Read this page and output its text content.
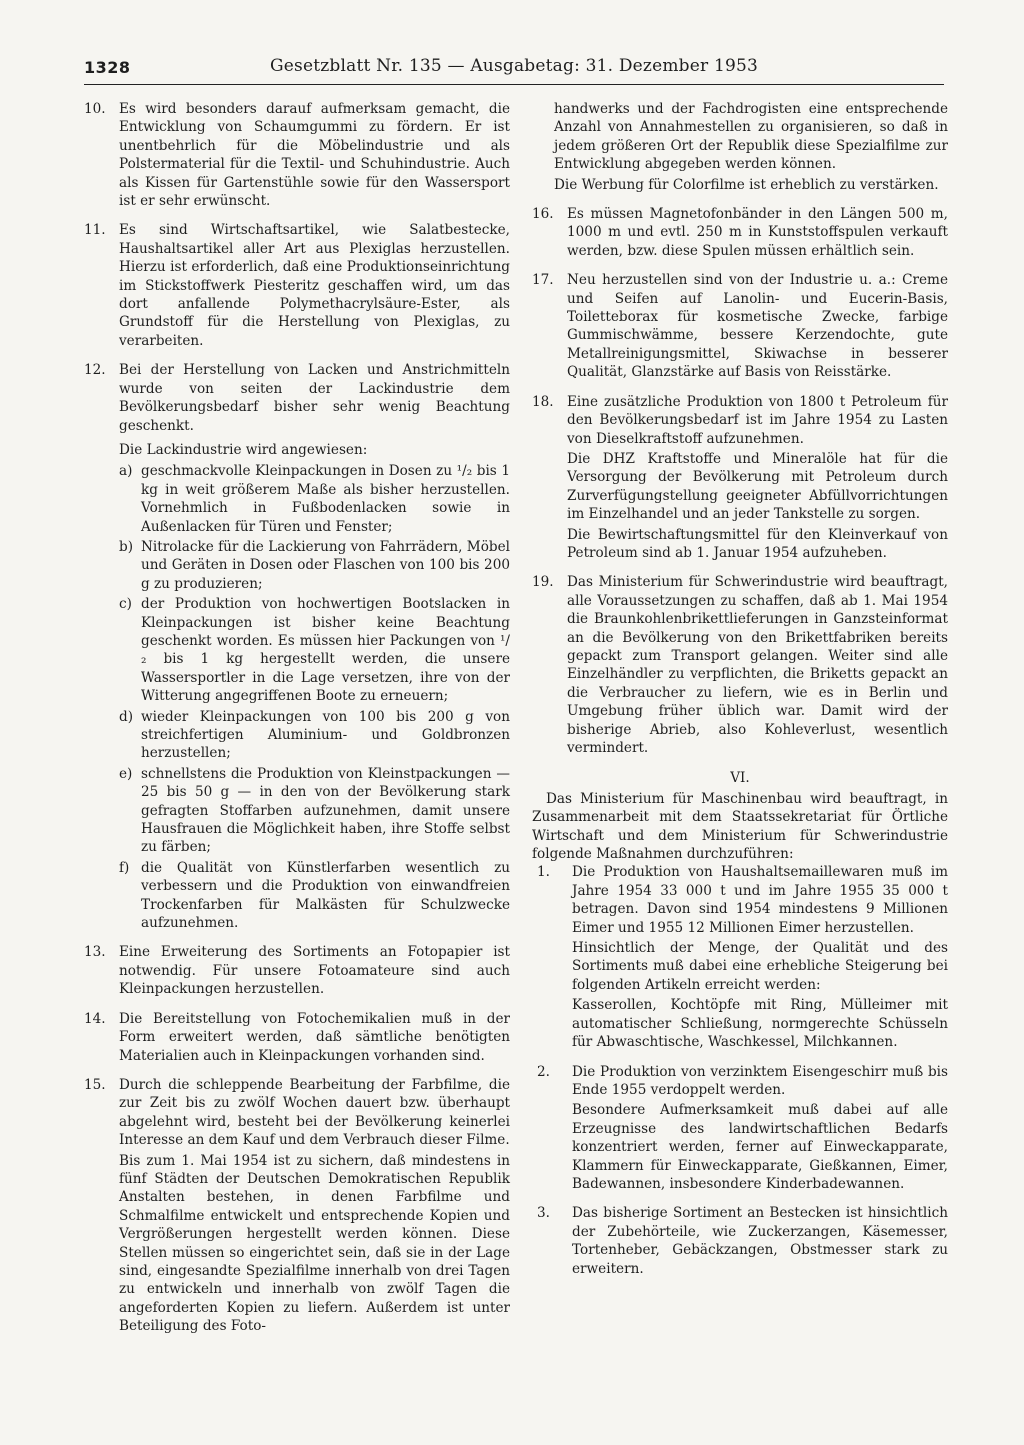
1328	Gesetzblatt Nr. 135 — Ausgabetag: 31. Dezember 1953
10. Es wird besonders darauf aufmerksam gemacht, die Entwicklung von Schaumgummi zu fördern. Er ist unentbehrlich für die Möbelindustrie und als Polstermaterial für die Textil- und Schuhindustrie. Auch als Kissen für Gartenstühle sowie für den Wassersport ist er sehr erwünscht.

11. Es sind Wirtschaftsartikel, wie Salatbestecke, Haushaltsartikel aller Art aus Plexiglas herzustellen. Hierzu ist erforderlich, daß eine Produktionseinrichtung im Stickstoffwerk Piesteritz geschaffen wird, um das dort anfallende Polymethacrylsäure-Ester, als Grundstoff für die Herstellung von Plexiglas, zu verarbeiten.

12. Bei der Herstellung von Lacken und Anstrichmitteln wurde von seiten der Lackindustrie dem Bevölkerungsbedarf bisher sehr wenig Beachtung geschenkt.

Die Lackindustrie wird angewiesen:

a) geschmackvolle Kleinpackungen in Dosen zu ¹/₂ bis 1 kg in weit größerem Maße als bisher herzustellen. Vornehmlich in Fußbodenlacken sowie in Außenlacken für Türen und Fenster;

b) Nitrolacke für die Lackierung von Fahrrädern, Möbel und Geräten in Dosen oder Flaschen von 100 bis 200 g zu produzieren;

c) der Produktion von hochwertigen Bootslacken in Kleinpackungen ist bisher keine Beachtung geschenkt worden. Es müssen hier Packungen von ¹/₂ bis 1 kg hergestellt werden, die unsere Wassersportler in die Lage versetzen, ihre von der Witterung angegriffenen Boote zu erneuern;

d) wieder Kleinpackungen von 100 bis 200 g von streichfertigen Aluminium- und Goldbronzen herzustellen;

e) schnellstens die Produktion von Kleinstpackungen — 25 bis 50 g — in den von der Bevölkerung stark gefragten Stoffarben aufzunehmen, damit unsere Hausfrauen die Möglichkeit haben, ihre Stoffe selbst zu färben;

f) die Qualität von Künstlerfarben wesentlich zu verbessern und die Produktion von einwandfreien Trockenfarben für Malkästen für Schulzwecke aufzunehmen.

13. Eine Erweiterung des Sortiments an Fotopapier ist notwendig. Für unsere Fotoamateure sind auch Kleinpackungen herzustellen.

14. Die Bereitstellung von Fotochemikalien muß in der Form erweitert werden, daß sämtliche benötigten Materialien auch in Kleinpackungen vorhanden sind.

15. Durch die schleppende Bearbeitung der Farbfilme, die zur Zeit bis zu zwölf Wochen dauert bzw. überhaupt abgelehnt wird, besteht bei der Bevölkerung keinerlei Interesse an dem Kauf und dem Verbrauch dieser Filme.

Bis zum 1. Mai 1954 ist zu sichern, daß mindestens in fünf Städten der Deutschen Demokratischen Republik Anstalten bestehen, in denen Farbfilme und Schmalfilme entwickelt und entsprechende Kopien und Vergrößerungen hergestellt werden können. Diese Stellen müssen so eingerichtet sein, daß sie in der Lage sind, eingesandte Spezialfilme innerhalb von drei Tagen zu entwickeln und innerhalb von zwölf Tagen die angeforderten Kopien zu liefern. Außerdem ist unter Beteiligung des Foto-

handwerks und der Fachdrogisten eine entsprechende Anzahl von Annahmestellen zu organisieren, so daß in jedem größeren Ort der Republik diese Spezialfilme zur Entwicklung abgegeben werden können.

Die Werbung für Colorfilme ist erheblich zu verstärken.

16. Es müssen Magnetofonbänder in den Längen 500 m, 1000 m und evtl. 250 m in Kunststoffspulen verkauft werden, bzw. diese Spulen müssen erhältlich sein.

17. Neu herzustellen sind von der Industrie u. a.: Creme und Seifen auf Lanolin- und Eucerin-Basis, Toiletteborax für kosmetische Zwecke, farbige Gummischwämme, bessere Kerzendochte, gute Metallreinigungsmittel, Skiwachse in besserer Qualität, Glanzstärke auf Basis von Reisstärke.

18. Eine zusätzliche Produktion von 1800 t Petroleum für den Bevölkerungsbedarf ist im Jahre 1954 zu Lasten von Dieselkraftstoff aufzunehmen.

Die DHZ Kraftstoffe und Mineralöle hat für die Versorgung der Bevölkerung mit Petroleum durch Zurverfügungstellung geeigneter Abfüllvorrichtungen im Einzelhandel und an jeder Tankstelle zu sorgen.

Die Bewirtschaftungsmittel für den Kleinverkauf von Petroleum sind ab 1. Januar 1954 aufzuheben.

19. Das Ministerium für Schwerindustrie wird beauftragt, alle Voraussetzungen zu schaffen, daß ab 1. Mai 1954 die Braunkohlenbrikettlieferungen in Ganzsteinformat an die Bevölkerung von den Brikettfabriken bereits gepackt zum Transport gelangen. Weiter sind alle Einzelhändler zu verpflichten, die Briketts gepackt an die Verbraucher zu liefern, wie es in Berlin und Umgebung früher üblich war. Damit wird der bisherige Abrieb, also Kohleverlust, wesentlich vermindert.

VI.

Das Ministerium für Maschinenbau wird beauftragt, in Zusammenarbeit mit dem Staatssekretariat für Örtliche Wirtschaft und dem Ministerium für Schwerindustrie folgende Maßnahmen durchzuführen:

1. Die Produktion von Haushaltsemaillewaren muß im Jahre 1954 33 000 t und im Jahre 1955 35 000 t betragen. Davon sind 1954 mindestens 9 Millionen Eimer und 1955 12 Millionen Eimer herzustellen.

Hinsichtlich der Menge, der Qualität und des Sortiments muß dabei eine erhebliche Steigerung bei folgenden Artikeln erreicht werden:

Kasserollen, Kochtöpfe mit Ring, Mülleimer mit automatischer Schließung, normgerechte Schüsseln für Abwaschtische, Waschkessel, Milchkannen.

2. Die Produktion von verzinktem Eisengeschirr muß bis Ende 1955 verdoppelt werden.

Besondere Aufmerksamkeit muß dabei auf alle Erzeugnisse des landwirtschaftlichen Bedarfs konzentriert werden, ferner auf Einweckapparate, Klammern für Einweckapparate, Gießkannen, Eimer, Badewannen, insbesondere Kinderbadewannen.

3. Das bisherige Sortiment an Bestecken ist hinsichtlich der Zubehörteile, wie Zuckerzangen, Käsemesser, Tortenheber, Gebäckzangen, Obstmesser stark zu erweitern.
